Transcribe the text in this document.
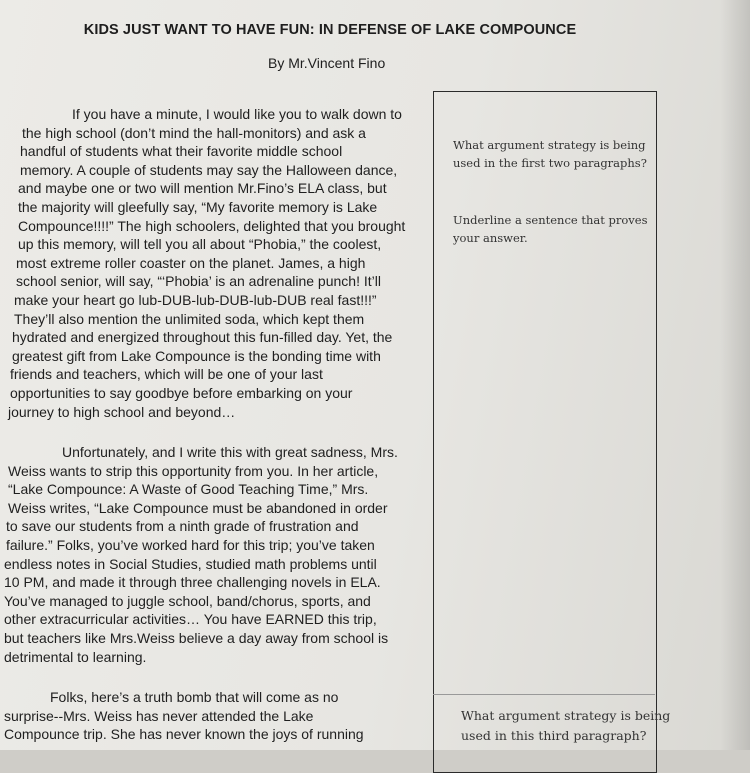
KIDS JUST WANT TO HAVE FUN: IN DEFENSE OF LAKE COMPOUNCE
By Mr.Vincent Fino
If you have a minute, I would like you to walk down to
the high school (don’t mind the hall-monitors) and ask a
handful of students what their favorite middle school
memory. A couple of students may say the Halloween dance,
and maybe one or two will mention Mr.Fino’s ELA class, but
the majority will gleefully say, “My favorite memory is Lake
Compounce!!!!” The high schoolers, delighted that you brought
up this memory, will tell you all about “Phobia,” the coolest,
most extreme roller coaster on the planet. James, a high
school senior, will say, “‘Phobia’ is an adrenaline punch! It’ll
make your heart go lub-DUB-lub-DUB-lub-DUB real fast!!!”
They’ll also mention the unlimited soda, which kept them
hydrated and energized throughout this fun-filled day. Yet, the
greatest gift from Lake Compounce is the bonding time with
friends and teachers, which will be one of your last
opportunities to say goodbye before embarking on your
journey to high school and beyond…
Unfortunately, and I write this with great sadness, Mrs.
Weiss wants to strip this opportunity from you. In her article,
“Lake Compounce: A Waste of Good Teaching Time,” Mrs.
Weiss writes, “Lake Compounce must be abandoned in order
to save our students from a ninth grade of frustration and
failure.” Folks, you’ve worked hard for this trip; you’ve taken
endless notes in Social Studies, studied math problems until
10 PM, and made it through three challenging novels in ELA.
You’ve managed to juggle school, band/chorus, sports, and
other extracurricular activities… You have EARNED this trip,
but teachers like Mrs.Weiss believe a day away from school is
detrimental to learning.
Folks, here’s a truth bomb that will come as no
surprise--Mrs. Weiss has never attended the Lake
Compounce trip. She has never known the joys of running
What argument strategy is being
used in the first two paragraphs?
Underline a sentence that proves
your answer.
What argument strategy is being
used in this third paragraph?
